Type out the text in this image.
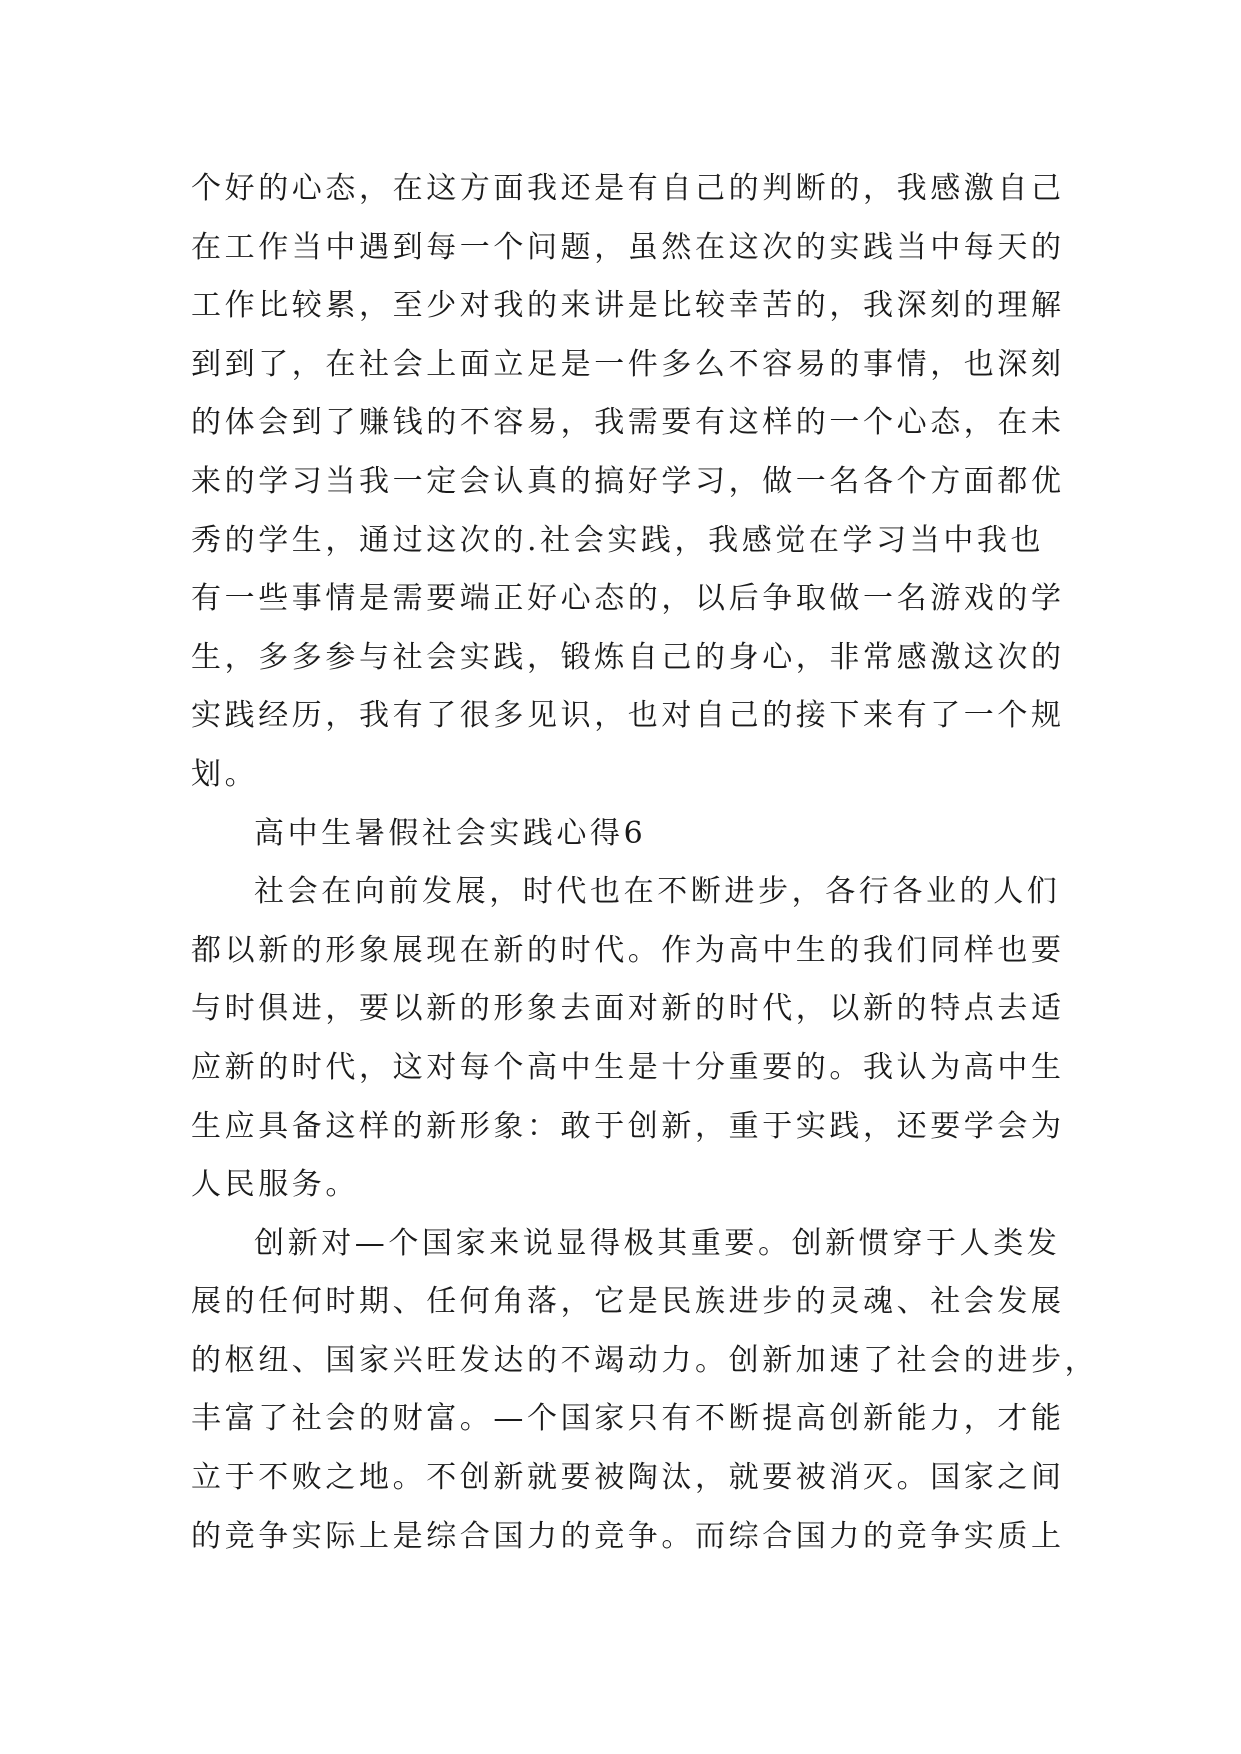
个好的心态，在这方面我还是有自己的判断的，我感激自己
在工作当中遇到每一个问题，虽然在这次的实践当中每天的
工作比较累，至少对我的来讲是比较幸苦的，我深刻的理解
到到了，在社会上面立足是一件多么不容易的事情，也深刻
的体会到了赚钱的不容易，我需要有这样的一个心态，在未
来的学习当我一定会认真的搞好学习，做一名各个方面都优
秀的学生，通过这次的.社会实践，我感觉在学习当中我也
有一些事情是需要端正好心态的，以后争取做一名游戏的学
生，多多参与社会实践，锻炼自己的身心，非常感激这次的
实践经历，我有了很多见识，也对自己的接下来有了一个规
划。
高中生暑假社会实践心得6
社会在向前发展，时代也在不断进步，各行各业的人们
都以新的形象展现在新的时代。作为高中生的我们同样也要
与时俱进，要以新的形象去面对新的时代，以新的特点去适
应新的时代，这对每个高中生是十分重要的。我认为高中生
生应具备这样的新形象：敢于创新，重于实践，还要学会为
人民服务。
创新对—个国家来说显得极其重要。创新惯穿于人类发
展的任何时期、任何角落，它是民族进步的灵魂、社会发展
的枢纽、国家兴旺发达的不竭动力。创新加速了社会的进步，
丰富了社会的财富。—个国家只有不断提高创新能力，才能
立于不败之地。不创新就要被陶汰，就要被消灭。国家之间
的竞争实际上是综合国力的竞争。而综合国力的竞争实质上
